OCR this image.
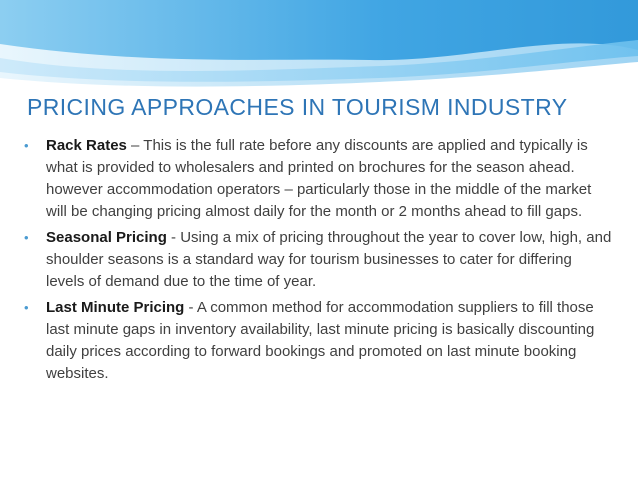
PRICING APPROACHES IN TOURISM INDUSTRY
• Rack Rates – This is the full rate before any discounts are applied and typically is what is provided to wholesalers and printed on brochures for the season ahead. however accommodation operators – particularly those in the middle of the market will be changing pricing almost daily for the month or 2 months ahead to fill gaps.
• Seasonal Pricing - Using a mix of pricing throughout the year to cover low, high, and shoulder seasons is a standard way for tourism businesses to cater for differing levels of demand due to the time of year.
• Last Minute Pricing - A common method for accommodation suppliers to fill those last minute gaps in inventory availability, last minute pricing is basically discounting daily prices according to forward bookings and promoted on last minute booking websites.
